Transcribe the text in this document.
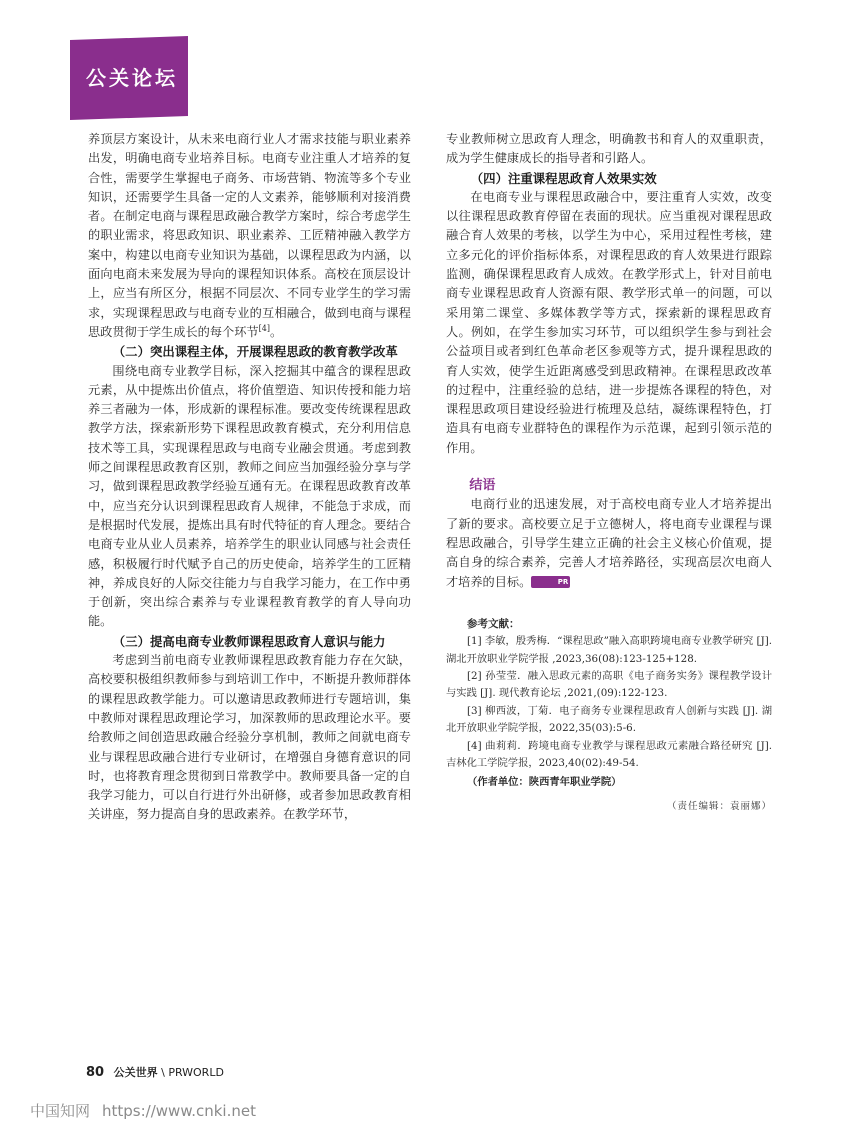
公关论坛

养顶层方案设计，从未来电商行业人才需求技能与职业素养出发，明确电商专业培养目标。电商专业注重人才培养的复合性，需要学生掌握电子商务、市场营销、物流等多个专业知识，还需要学生具备一定的人文素养，能够顺利对接消费者。在制定电商与课程思政融合教学方案时，综合考虑学生的职业需求，将思政知识、职业素养、工匠精神融入教学方案中，构建以电商专业知识为基础，以课程思政为内涵，以面向电商未来发展为导向的课程知识体系。高校在顶层设计上，应当有所区分，根据不同层次、不同专业学生的学习需求，实现课程思政与电商专业的互相融合，做到电商与课程思政贯彻于学生成长的每个环节[4]。

（二）突出课程主体，开展课程思政的教育教学改革

围绕电商专业教学目标，深入挖掘其中蕴含的课程思政元素，从中提炼出价值点，将价值塑造、知识传授和能力培养三者融为一体，形成新的课程标准。要改变传统课程思政教学方法，探索新形势下课程思政教育模式，充分利用信息技术等工具，实现课程思政与电商专业融会贯通。考虑到教师之间课程思政教育区别，教师之间应当加强经验分享与学习，做到课程思政教学经验互通有无。在课程思政教育改革中，应当充分认识到课程思政育人规律，不能急于求成，而是根据时代发展，提炼出具有时代特征的育人理念。要结合电商专业从业人员素养，培养学生的职业认同感与社会责任感，积极履行时代赋予自己的历史使命，培养学生的工匠精神，养成良好的人际交往能力与自我学习能力，在工作中勇于创新，突出综合素养与专业课程教育教学的育人导向功能。

（三）提高电商专业教师课程思政育人意识与能力

考虑到当前电商专业教师课程思政教育能力存在欠缺，高校要积极组织教师参与到培训工作中，不断提升教师群体的课程思政教学能力。可以邀请思政教师进行专题培训，集中教师对课程思政理论学习，加深教师的思政理论水平。要给教师之间创造思政融合经验分享机制，教师之间就电商专业与课程思政融合进行专业研讨，在增强自身德育意识的同时，也将教育理念贯彻到日常教学中。教师要具备一定的自我学习能力，可以自行进行外出研修，或者参加思政教育相关讲座，努力提高自身的思政素养。在教学环节，

专业教师树立思政育人理念，明确教书和育人的双重职责，成为学生健康成长的指导者和引路人。

（四）注重课程思政育人效果实效

在电商专业与课程思政融合中，要注重育人实效，改变以往课程思政教育停留在表面的现状。应当重视对课程思政融合育人效果的考核，以学生为中心，采用过程性考核，建立多元化的评价指标体系，对课程思政的育人效果进行跟踪监测，确保课程思政育人成效。在教学形式上，针对目前电商专业课程思政育人资源有限、教学形式单一的问题，可以采用第二课堂、多媒体教学等方式，探索新的课程思政育人。例如，在学生参加实习环节，可以组织学生参与到社会公益项目或者到红色革命老区参观等方式，提升课程思政的育人实效，使学生近距离感受到思政精神。在课程思政改革的过程中，注重经验的总结，进一步提炼各课程的特色，对课程思政项目建设经验进行梳理及总结，凝练课程特色，打造具有电商专业群特色的课程作为示范课，起到引领示范的作用。

结语

电商行业的迅速发展，对于高校电商专业人才培养提出了新的要求。高校要立足于立德树人，将电商专业课程与课程思政融合，引导学生建立正确的社会主义核心价值观，提高自身的综合素养，完善人才培养路径，实现高层次电商人才培养的目标。	PR

参考文献：
[1] 李敏，殷秀梅．“课程思政”融入高职跨境电商专业教学研究 [J]. 湖北开放职业学院学报 ,2023,36(08):123-125+128.
[2] 孙莹莹．融入思政元素的高职《电子商务实务》课程教学设计与实践 [J]. 现代教育论坛 ,2021,(09):122-123.
[3] 柳西波，丁菊．电子商务专业课程思政育人创新与实践 [J]. 湖北开放职业学院学报，2022,35(03):5-6.
[4] 曲莉莉．跨境电商专业教学与课程思政元素融合路径研究 [J]. 吉林化工学院学报，2023,40(02):49-54.
（作者单位：陕西青年职业学院）
（责任编辑：袁丽娜）
80 公关世界 \ PRWORLD
中国知网 https://www.cnki.net
